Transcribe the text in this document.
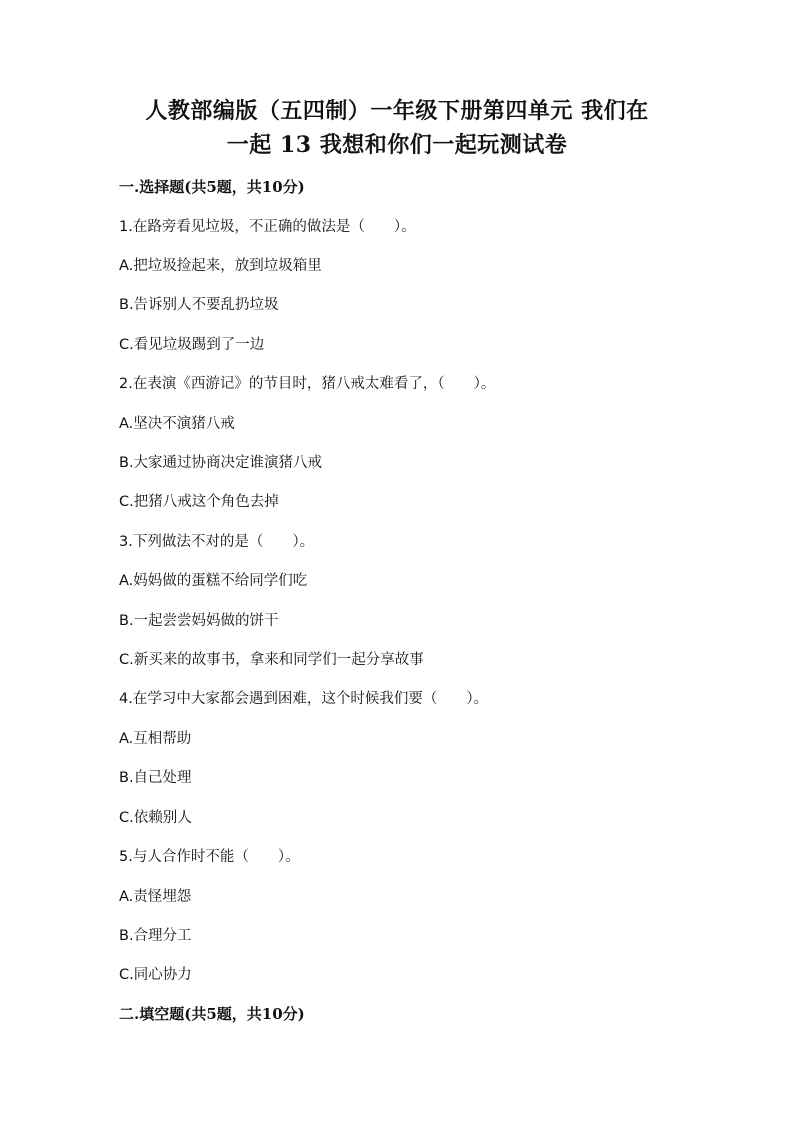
人教部编版（五四制）一年级下册第四单元 我们在
一起 13 我想和你们一起玩测试卷
一.选择题(共5题，共10分)
1.在路旁看见垃圾，不正确的做法是（　　）。
A.把垃圾捡起来，放到垃圾箱里
B.告诉别人不要乱扔垃圾
C.看见垃圾踢到了一边
2.在表演《西游记》的节目时，猪八戒太难看了，（　　）。
A.坚决不演猪八戒
B.大家通过协商决定谁演猪八戒
C.把猪八戒这个角色去掉
3.下列做法不对的是（　　）。
A.妈妈做的蛋糕不给同学们吃
B.一起尝尝妈妈做的饼干
C.新买来的故事书，拿来和同学们一起分享故事
4.在学习中大家都会遇到困难，这个时候我们要（　　）。
A.互相帮助
B.自己处理
C.依赖别人
5.与人合作时不能（　　）。
A.责怪埋怨
B.合理分工
C.同心协力
二.填空题(共5题，共10分)
